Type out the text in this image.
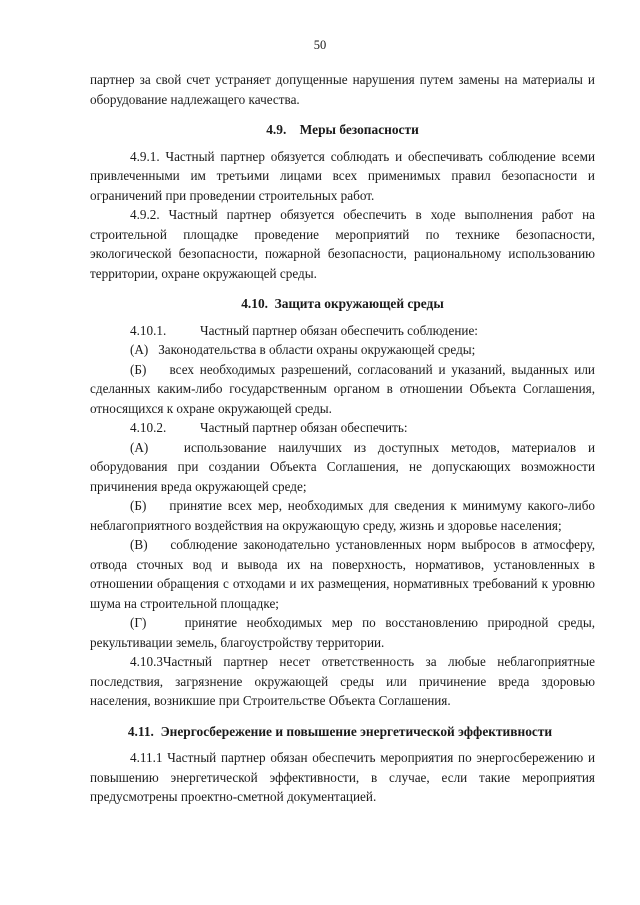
50

партнер за свой счет устраняет допущенные нарушения путем замены на материалы и оборудование надлежащего качества.

4.9.    Меры безопасности

4.9.1. Частный партнер обязуется соблюдать и обеспечивать соблюдение всеми привлеченными им третьими лицами всех применимых правил безопасности и ограничений при проведении строительных работ.

4.9.2. Частный партнер обязуется обеспечить в ходе выполнения работ на строительной площадке проведение мероприятий по технике безопасности, экологической безопасности, пожарной безопасности, рациональному использованию территории, охране окружающей среды.

4.10.  Защита окружающей среды
4.10.1.	Частный партнер обязан обеспечить соблюдение:

(А)   Законодательства в области охраны окружающей среды;

(Б)    всех необходимых разрешений, согласований и указаний, выданных или сделанных каким-либо государственным органом в отношении Объекта Соглашения, относящихся к охране окружающей среды.

4.10.2.	Частный партнер обязан обеспечить:

(А)   использование наилучших из доступных методов, материалов и оборудования при создании Объекта Соглашения, не допускающих возможности причинения вреда окружающей среде;

(Б)    принятие всех мер, необходимых для сведения к минимуму какого-либо неблагоприятного воздействия на окружающую среду, жизнь и здоровье населения;

(В)    соблюдение законодательно установленных норм выбросов в атмосферу, отвода сточных вод и вывода их на поверхность, нормативов, установленных в отношении обращения с отходами и их размещения, нормативных требований к уровню шума на строительной площадке;

(Г)    принятие необходимых мер по восстановлению природной среды, рекультивации земель, благоустройству территории.

4.10.3Частный партнер несет ответственность за любые неблагоприятные последствия, загрязнение окружающей среды или причинение вреда здоровью населения, возникшие при Строительстве Объекта Соглашения.

4.11.  Энергосбережение и повышение энергетической эффективности

4.11.1 Частный партнер обязан обеспечить мероприятия по энергосбережению и повышению энергетической эффективности, в случае, если такие мероприятия предусмотрены проектно-сметной документацией.
